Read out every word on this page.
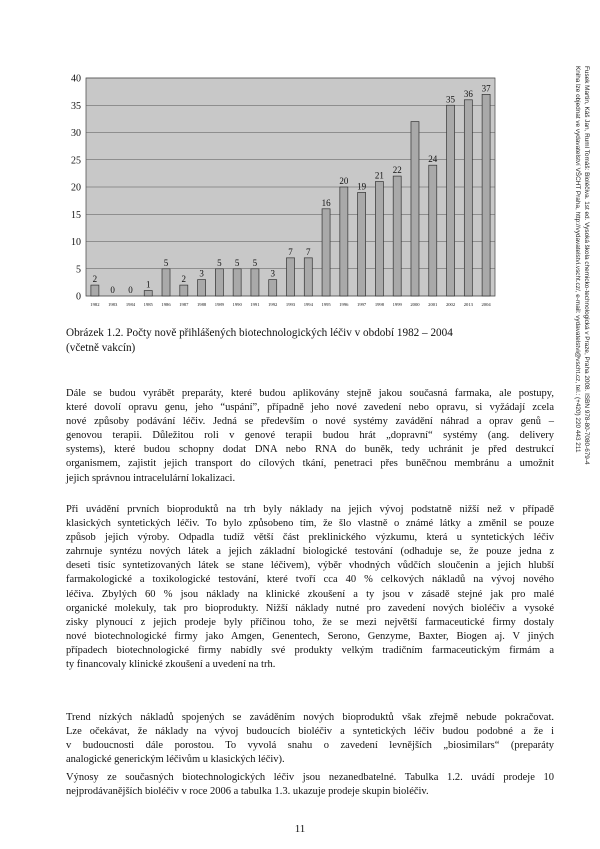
0
5
10
15
20
25
30
35
40
2
1982
0
1983
0
1984
1
1985
5
1986
2
1987
3
1988
5
1989
5
1990
5
1991
3
1992
7
1993
7
1994
16
1995
20
1996
19
1997
21
1998
22
1999 2000
24
2001
35
2002
36
2013
37
2004
Obrázek 1.2. Počty nově přihlášených biotechnologických léčiv v období 1982 – 2004
(včetně vakcín)
Dále se budou vyrábět preparáty, které budou aplikovány stejně jakou současná farmaka, ale postupy,
které dovolí opravu genu, jeho “uspání”, případně jeho nové zavedení nebo opravu, si vyžádají zcela
nové způsoby podávání léčiv. Jedná se především o nové systémy zavádění náhrad a oprav genů –
genovou terapii. Důležitou roli v genové terapii budou hrát „dopravní“ systémy (ang. delivery
systems), které budou schopny dodat DNA nebo RNA do buněk, tedy uchránit je před destrukcí
organismem, zajistit jejich transport do cílových tkání, penetraci přes buněčnou membránu a umožnit
jejich správnou intracelulární lokalizaci.
Při uvádění prvních bioproduktů na trh byly náklady na jejich vývoj podstatně nižší než v případě
klasických syntetických léčiv. To bylo způsobeno tím, že šlo vlastně o známé látky a změnil se pouze
způsob jejich výroby. Odpadla tudíž větší část preklinického výzkumu, která u syntetických léčiv
zahrnuje syntézu nových látek a jejich základní biologické testování (odhaduje se, že pouze jedna z
deseti tisíc syntetizovaných látek se stane léčivem), výběr vhodných vůdčích sloučenin a jejich hlubší
farmakologické a toxikologické testování, které tvoří cca 40 % celkových nákladů na vývoj nového
léčiva. Zbylých 60 % jsou náklady na klinické zkoušení a ty jsou v zásadě stejné jak pro malé
organické molekuly, tak pro bioprodukty. Nižší náklady nutné pro zavedení nových bioléčiv a vysoké
zisky plynoucí z jejich prodeje byly příčinou toho, že se mezi největší farmaceutické firmy dostaly
nové biotechnologické firmy jako Amgen, Genentech, Serono, Genzyme, Baxter, Biogen aj. V jiných
případech biotechnologické firmy nabídly své produkty velkým tradičním farmaceutickým firmám a
ty financovaly klinické zkoušení a uvedení na trh.
Trend nízkých nákladů spojených se zaváděním nových bioproduktů však zřejmě nebude pokračovat.
Lze očekávat, že náklady na vývoj budoucích bioléčiv a syntetických léčiv budou podobné a že i
v budoucnosti dále porostou. To vyvolá snahu o zavedení levnějších „biosimilars“ (preparáty
analogické generickým léčivům u klasických léčiv).
Výnosy ze současných biotechnologických léčiv jsou nezanedbatelné. Tabulka 1.2. uvádí prodeje 10
nejprodávanějších bioléčiv v roce 2006 a tabulka 1.3. ukazuje prodeje skupin bioléčiv.
11
Fusek Martin, Káš Jan, Ruml Tomáš: Bioléčiva. 1st ed. Vysoká škola chemicko-technologická v Praze, Praha 2008. ISBN 978-80-7080-679-4
Kniha lze objednat ve vydavatelství VŠCHT Praha, http://vydavatelstvi.vscht.cz/, e-mail: vydavatelstvi@vscht.cz, tel.: (+420) 220 443 211
